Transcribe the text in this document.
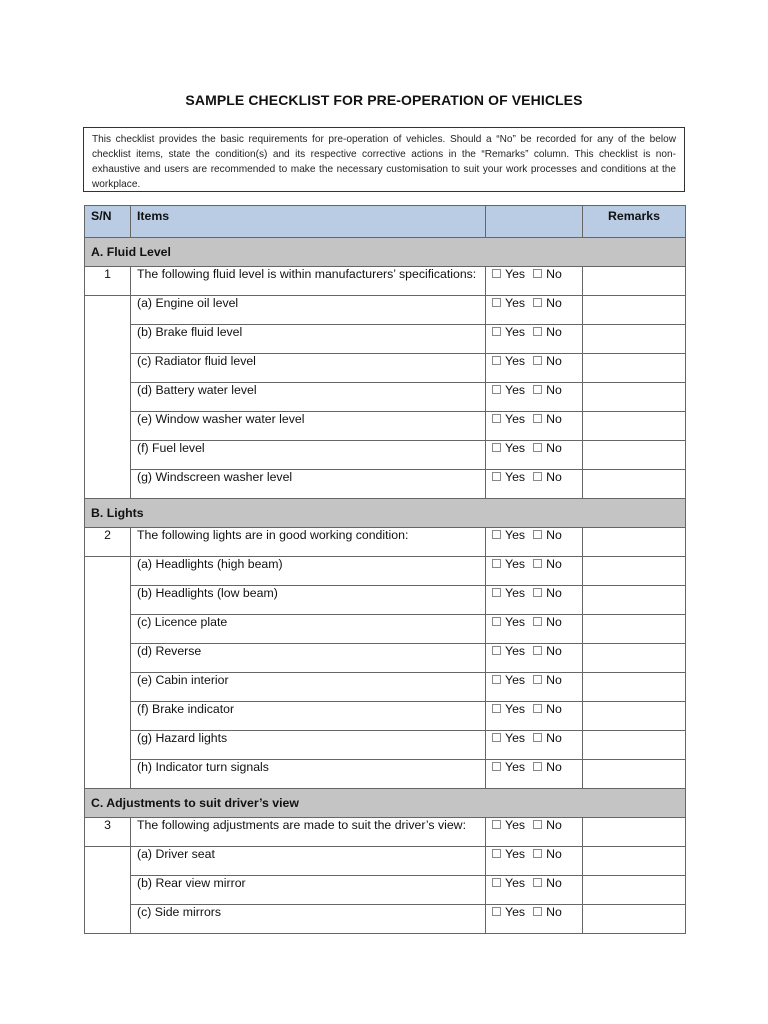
SAMPLE CHECKLIST FOR PRE-OPERATION OF VEHICLES
This checklist provides the basic requirements for pre-operation of vehicles. Should a “No” be recorded for any of the below checklist items, state the condition(s) and its respective corrective actions in the “Remarks” column. This checklist is non-exhaustive and users are recommended to make the necessary customisation to suit your work processes and conditions at the workplace.
S/N	Items		Remarks
A. Fluid Level			
1	The following fluid level is within manufacturers’ specifications:	Yes No	
	(a) Engine oil level	Yes No	
	(b) Brake fluid level	Yes No	
	(c) Radiator fluid level	Yes No	
	(d) Battery water level	Yes No	
	(e) Window washer water level	Yes No	
	(f) Fuel level	Yes No	
	(g) Windscreen washer level	Yes No	
B. Lights			
2	The following lights are in good working condition:	Yes No	
	(a) Headlights (high beam)	Yes No	
	(b) Headlights (low beam)	Yes No	
	(c) Licence plate	Yes No	
	(d) Reverse	Yes No	
	(e) Cabin interior	Yes No	
	(f) Brake indicator	Yes No	
	(g) Hazard lights	Yes No	
	(h) Indicator turn signals	Yes No	
C. Adjustments to suit driver’s view			
3	The following adjustments are made to suit the driver’s view:	Yes No	
	(a) Driver seat	Yes No	
	(b) Rear view mirror	Yes No	
	(c) Side mirrors	Yes No	
